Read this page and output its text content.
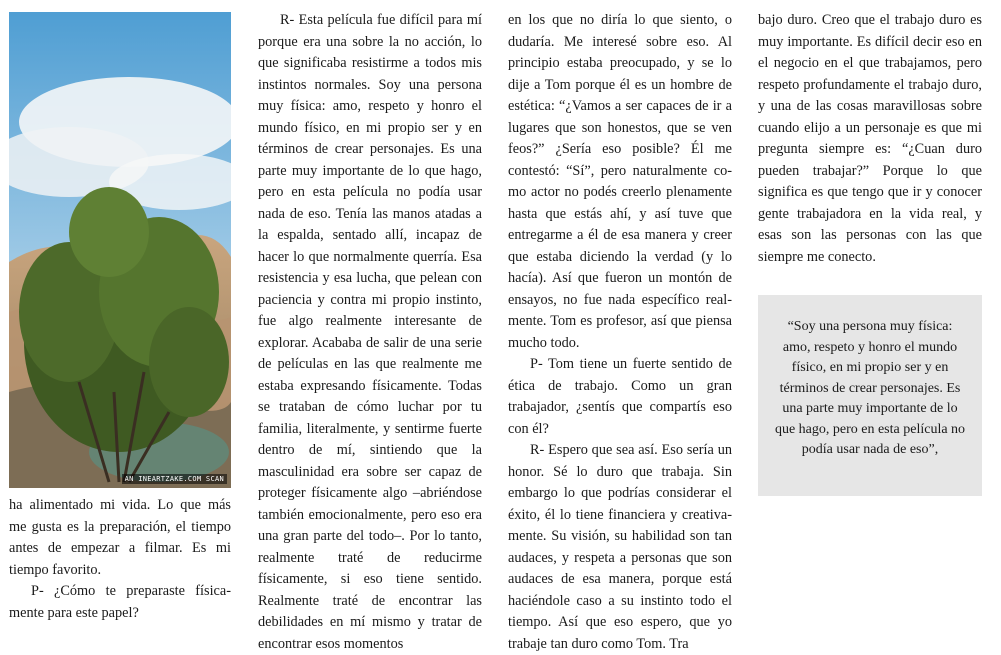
AN INEARTZAKE.COM SCAN

ha alimentado mi vida. Lo que más me gusta es la preparación, el tiempo antes de empezar a filmar. Es mi tiempo favorito.

P- ¿Cómo te preparaste físicamente para este papel?

R- Esta película fue difícil para mí porque era una sobre la no acción, lo que significaba resistirme a todos mis instintos normales. Soy una persona muy física: amo, respeto y honro el mundo físico, en mi propio ser y en términos de crear personajes. Es una parte muy importante de lo que hago, pero en esta película no podía usar nada de eso. Tenía las manos atadas a la espalda, sentado allí, incapaz de hacer lo que normalmente querría. Esa resistencia y esa lucha, que pelean con paciencia y contra mi propio instinto, fue algo realmente interesante de explorar. Acababa de salir de una serie de películas en las que realmente me estaba expresando físicamente. Todas se trataban de cómo luchar por tu familia, literalmente, y sentirme fuerte dentro de mí, sintiendo que la masculinidad era sobre ser capaz de proteger físicamente algo –abriéndose también emocionalmente, pero eso era una gran parte del todo–. Por lo tanto, realmente traté de reducirme físicamente, si eso tiene sentido. Realmente traté de encontrar las debilidades en mí mismo y tratar de encontrar esos momentos

en los que no diría lo que siento, o dudaría. Me interesé sobre eso. Al principio estaba preocupado, y se lo dije a Tom porque él es un hombre de estética: “¿Vamos a ser capaces de ir a lugares que son honestos, que se ven feos?” ¿Sería eso posible? Él me contestó: “Sí”, pero naturalmente como actor no podés creerlo plenamente hasta que estás ahí, y así tuve que entregarme a él de esa manera y creer que estaba diciendo la verdad (y lo hacía). Así que fueron un montón de ensayos, no fue nada específico real- mente. Tom es profesor, así que piensa mucho todo.

P- Tom tiene un fuerte sentido de ética de trabajo. Como un gran trabajador, ¿sentís que compartís eso con él?

R- Espero que sea así. Eso sería un honor. Sé lo duro que trabaja. Sin embargo lo que podrías considerar el éxito, él lo tiene financiera y creativamente. Su visión, su habilidad son tan audaces, y respeta a personas que son audaces de esa manera, porque está haciéndole caso a su instinto todo el tiempo. Así que eso espero, que yo trabaje tan duro como Tom. Tra

bajo duro. Creo que el trabajo duro es muy importante. Es difícil decir eso en el negocio en el que trabajamos, pero respeto profundamente el trabajo duro, y una de las cosas maravillosas sobre cuando elijo a un personaje es que mi pregunta siempre es: “¿Cuan duro pueden trabajar?” Porque lo que significa es que tengo que ir y conocer gente trabajadora en la vida real, y esas son las personas con las que siempre me conecto.

“Soy una persona muy física: amo, respeto y honro el mundo físico, en mi propio ser y en términos de crear personajes. Es una parte muy importante de lo que hago, pero en esta película no podía usar nada de eso”,
